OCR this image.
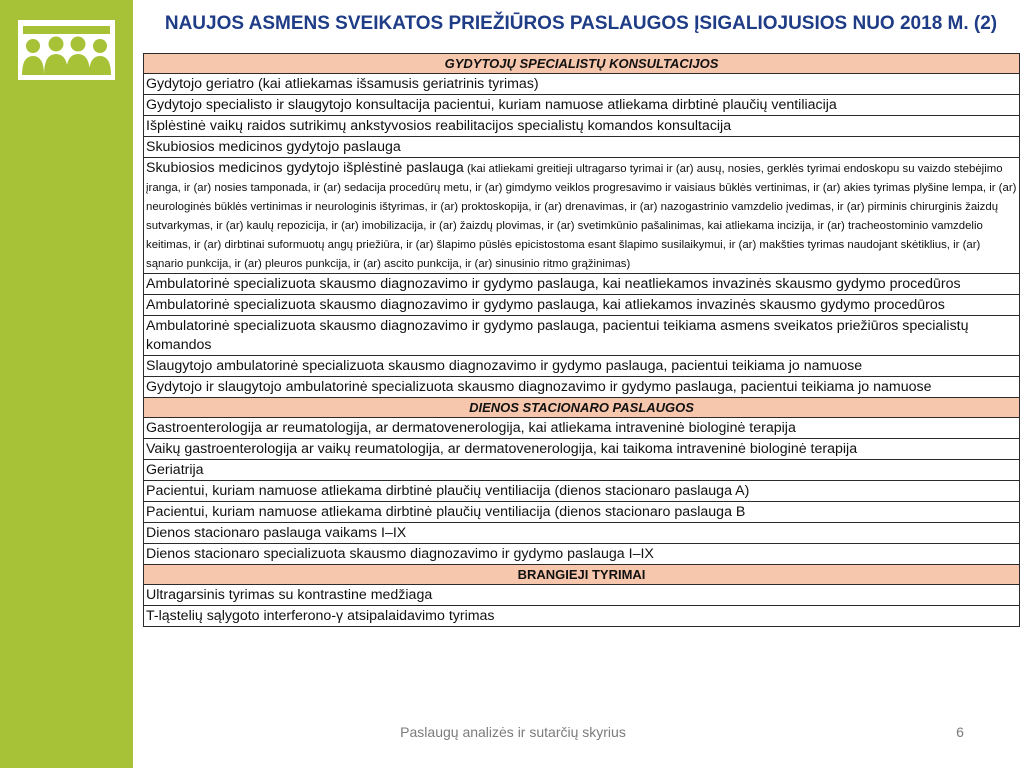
NAUJOS ASMENS SVEIKATOS PRIEŽIŪROS PASLAUGOS ĮSIGALIOJUSIOS NUO 2018 M. (2)
GYDYTOJŲ SPECIALISTŲ KONSULTACIJOS
Gydytojo geriatro (kai atliekamas išsamusis geriatrinis tyrimas)
Gydytojo specialisto ir slaugytojo konsultacija pacientui, kuriam namuose atliekama dirbtinė plaučių ventiliacija
Išplėstinė vaikų raidos sutrikimų ankstyvosios reabilitacijos specialistų komandos konsultacija
Skubiosios medicinos gydytojo paslauga
Skubiosios medicinos gydytojo išplėstinė paslauga (kai atliekami greitieji ultragarso tyrimai ir (ar) ausų, nosies, gerklės tyrimai endoskopu su vaizdo stebėjimo įranga, ir (ar) nosies tamponada, ir (ar) sedacija procedūrų metu, ir (ar) gimdymo veiklos progresavimo ir vaisiaus būklės vertinimas, ir (ar) akies tyrimas plyšine lempa, ir (ar) neurologinės būklės vertinimas ir neurologinis ištyrimas, ir (ar) proktoskopija, ir (ar) drenavimas, ir (ar) nazogastrinio vamzdelio įvedimas, ir (ar) pirminis chirurginis žaizdų sutvarkymas, ir (ar) kaulų repozicija, ir (ar) imobilizacija, ir (ar) žaizdų plovimas, ir (ar) svetimkūnio pašalinimas, kai atliekama incizija, ir (ar) tracheostominio vamzdelio keitimas, ir (ar) dirbtinai suformuotų angų priežiūra, ir (ar) šlapimo pūslės epicistostoma esant šlapimo susilaikymui, ir (ar) makšties tyrimas naudojant skėtiklius, ir (ar) sąnario punkcija, ir (ar) pleuros punkcija, ir (ar) ascito punkcija, ir (ar) sinusinio ritmo grąžinimas)
Ambulatorinė specializuota skausmo diagnozavimo ir gydymo paslauga, kai neatliekamos invazinės skausmo gydymo procedūros
Ambulatorinė specializuota skausmo diagnozavimo ir gydymo paslauga, kai atliekamos invazinės skausmo gydymo procedūros
Ambulatorinė specializuota skausmo diagnozavimo ir gydymo paslauga, pacientui teikiama asmens sveikatos priežiūros specialistų komandos
Slaugytojo ambulatorinė specializuota skausmo diagnozavimo ir gydymo paslauga, pacientui teikiama jo namuose
Gydytojo ir slaugytojo ambulatorinė specializuota skausmo diagnozavimo ir gydymo paslauga, pacientui teikiama jo namuose
DIENOS STACIONARO PASLAUGOS
Gastroenterologija ar reumatologija, ar dermatovenerologija, kai atliekama intraveninė biologinė terapija
Vaikų gastroenterologija ar vaikų reumatologija, ar dermatovenerologija, kai taikoma intraveninė biologinė terapija
Geriatrija
Pacientui, kuriam namuose atliekama dirbtinė plaučių ventiliacija (dienos stacionaro paslauga A)
Pacientui, kuriam namuose atliekama dirbtinė plaučių ventiliacija (dienos stacionaro paslauga B
Dienos stacionaro paslauga vaikams I–IX
Dienos stacionaro specializuota skausmo diagnozavimo ir gydymo paslauga I–IX
BRANGIEJI TYRIMAI
Ultragarsinis tyrimas su kontrastine medžiaga
T-ląstelių sąlygoto interferono-γ atsipalaidavimo tyrimas
Paslaugų analizės ir sutarčių skyrius	6
